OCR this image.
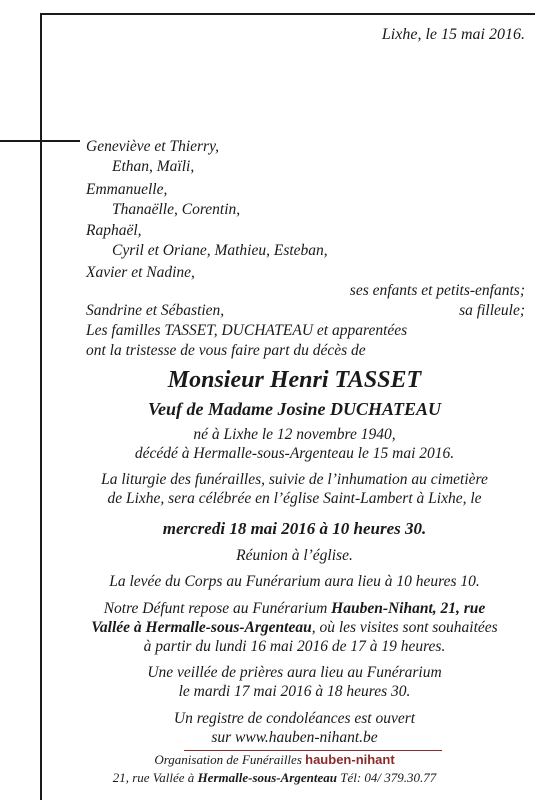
Lixhe, le 15 mai 2016.
Geneviève et Thierry,
Ethan, Maïli,
Emmanuelle,
Thanaëlle, Corentin,
Raphaël,
Cyril et Oriane, Mathieu, Esteban,
Xavier et Nadine,
ses enfants et petits-enfants;
Sandrine et Sébastien,	sa filleule;
Les familles TASSET, DUCHATEAU et apparentées
ont la tristesse de vous faire part du décès de
Monsieur Henri TASSET
Veuf de Madame Josine DUCHATEAU
né à Lixhe le 12 novembre 1940,
décédé à Hermalle-sous-Argenteau le 15 mai 2016.
La liturgie des funérailles, suivie de l’inhumation au cimetière
de Lixhe, sera célébrée en l’église Saint-Lambert à Lixhe, le
mercredi 18 mai 2016 à 10 heures 30.
Réunion à l’église.
La levée du Corps au Funérarium aura lieu à 10 heures 10.
Notre Défunt repose au Funérarium Hauben-Nihant, 21, rue
Vallée à Hermalle-sous-Argenteau, où les visites sont souhaitées
à partir du lundi 16 mai 2016 de 17 à 19 heures.
Une veillée de prières aura lieu au Funérarium
le mardi 17 mai 2016 à 18 heures 30.
Un registre de condoléances est ouvert
sur www.hauben-nihant.be
Organisation de Funérailles hauben-nihant
21, rue Vallée à Hermalle-sous-Argenteau Tél: 04/ 379.30.77
